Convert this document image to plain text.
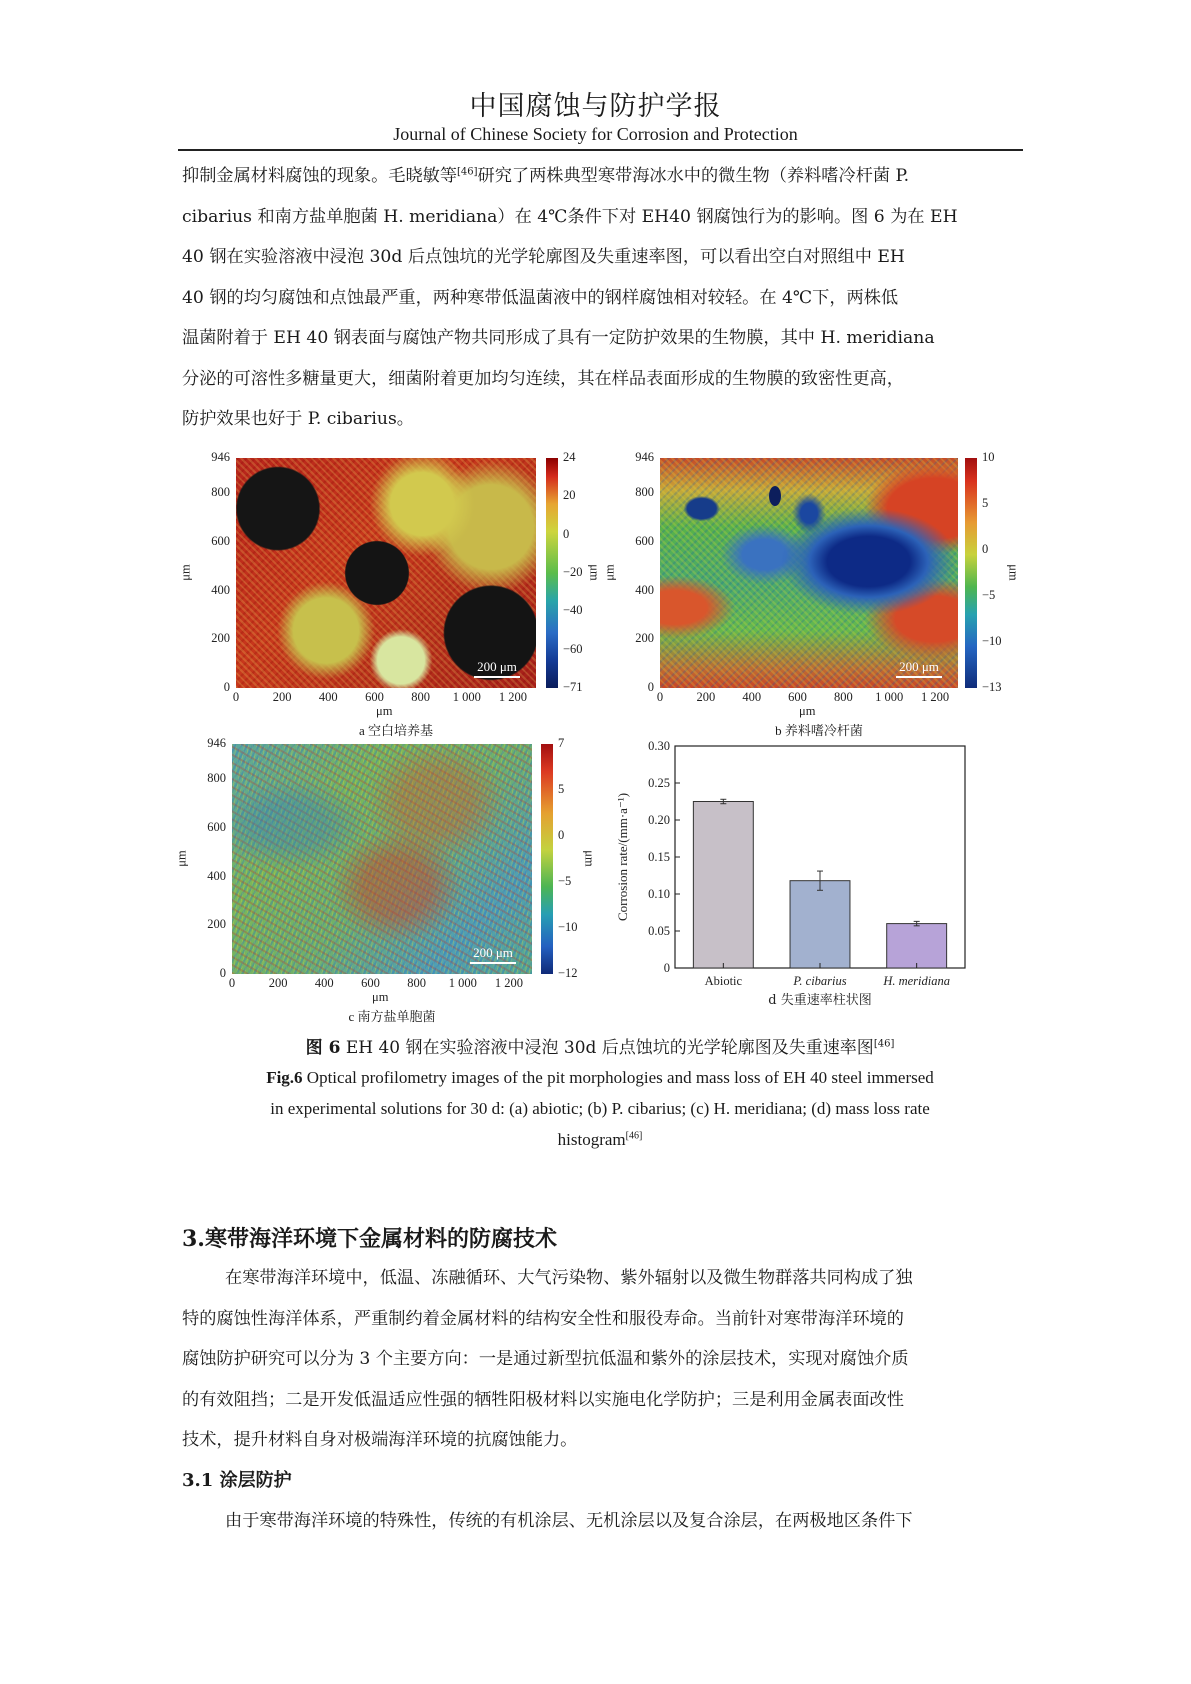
中国腐蚀与防护学报
Journal of Chinese Society for Corrosion and Protection
抑制金属材料腐蚀的现象。毛晓敏等[46]研究了两株典型寒带海冰水中的微生物（养料嗜冷杆菌 P.
cibarius 和南方盐单胞菌 H. meridiana）在 4℃条件下对 EH40 钢腐蚀行为的影响。图 6 为在 EH
40 钢在实验溶液中浸泡 30d 后点蚀坑的光学轮廓图及失重速率图，可以看出空白对照组中 EH
40 钢的均匀腐蚀和点蚀最严重，两种寒带低温菌液中的钢样腐蚀相对较轻。在 4℃下，两株低
温菌附着于 EH 40 钢表面与腐蚀产物共同形成了具有一定防护效果的生物膜，其中 H. meridiana
分泌的可溶性多糖量更大，细菌附着更加均匀连续，其在样品表面形成的生物膜的致密性更高，
防护效果也好于 P. cibarius。
200 μm	200 μm
200 μm
0
0.05
0.10
0.15
0.20
0.25
0.30
Abiotic	P. cibarius	H. meridiana
Corrosion rate/(mm·a⁻¹)
d 失重速率柱状图
946
800
600
400
200
0
0	200	400	600	800	1 000	1 200
μm
μm
24
20
0
−20
−40
−60
−71
μm
a 空白培养基
946
800
600
400
200
0
0	200	400	600	800	1 000	1 200
μm
μm
10
5
0
−5
−10
−13
μm
b 养料嗜冷杆菌
946
800
600
400
200
0
0	200	400	600	800	1 000	1 200
μm
μm
7
5
0
−5
−10
−12
μm
c 南方盐单胞菌
图 6 EH 40 钢在实验溶液中浸泡 30d 后点蚀坑的光学轮廓图及失重速率图[46]
Fig.6 Optical profilometry images of the pit morphologies and mass loss of EH 40 steel immersed
in experimental solutions for 30 d: (a) abiotic; (b) P. cibarius; (c) H. meridiana; (d) mass loss rate
histogram[46]
3.寒带海洋环境下金属材料的防腐技术
在寒带海洋环境中，低温、冻融循环、大气污染物、紫外辐射以及微生物群落共同构成了独
特的腐蚀性海洋体系，严重制约着金属材料的结构安全性和服役寿命。当前针对寒带海洋环境的
腐蚀防护研究可以分为 3 个主要方向：一是通过新型抗低温和紫外的涂层技术，实现对腐蚀介质
的有效阻挡；二是开发低温适应性强的牺牲阳极材料以实施电化学防护；三是利用金属表面改性
技术，提升材料自身对极端海洋环境的抗腐蚀能力。
3.1 涂层防护
由于寒带海洋环境的特殊性，传统的有机涂层、无机涂层以及复合涂层，在两极地区条件下
